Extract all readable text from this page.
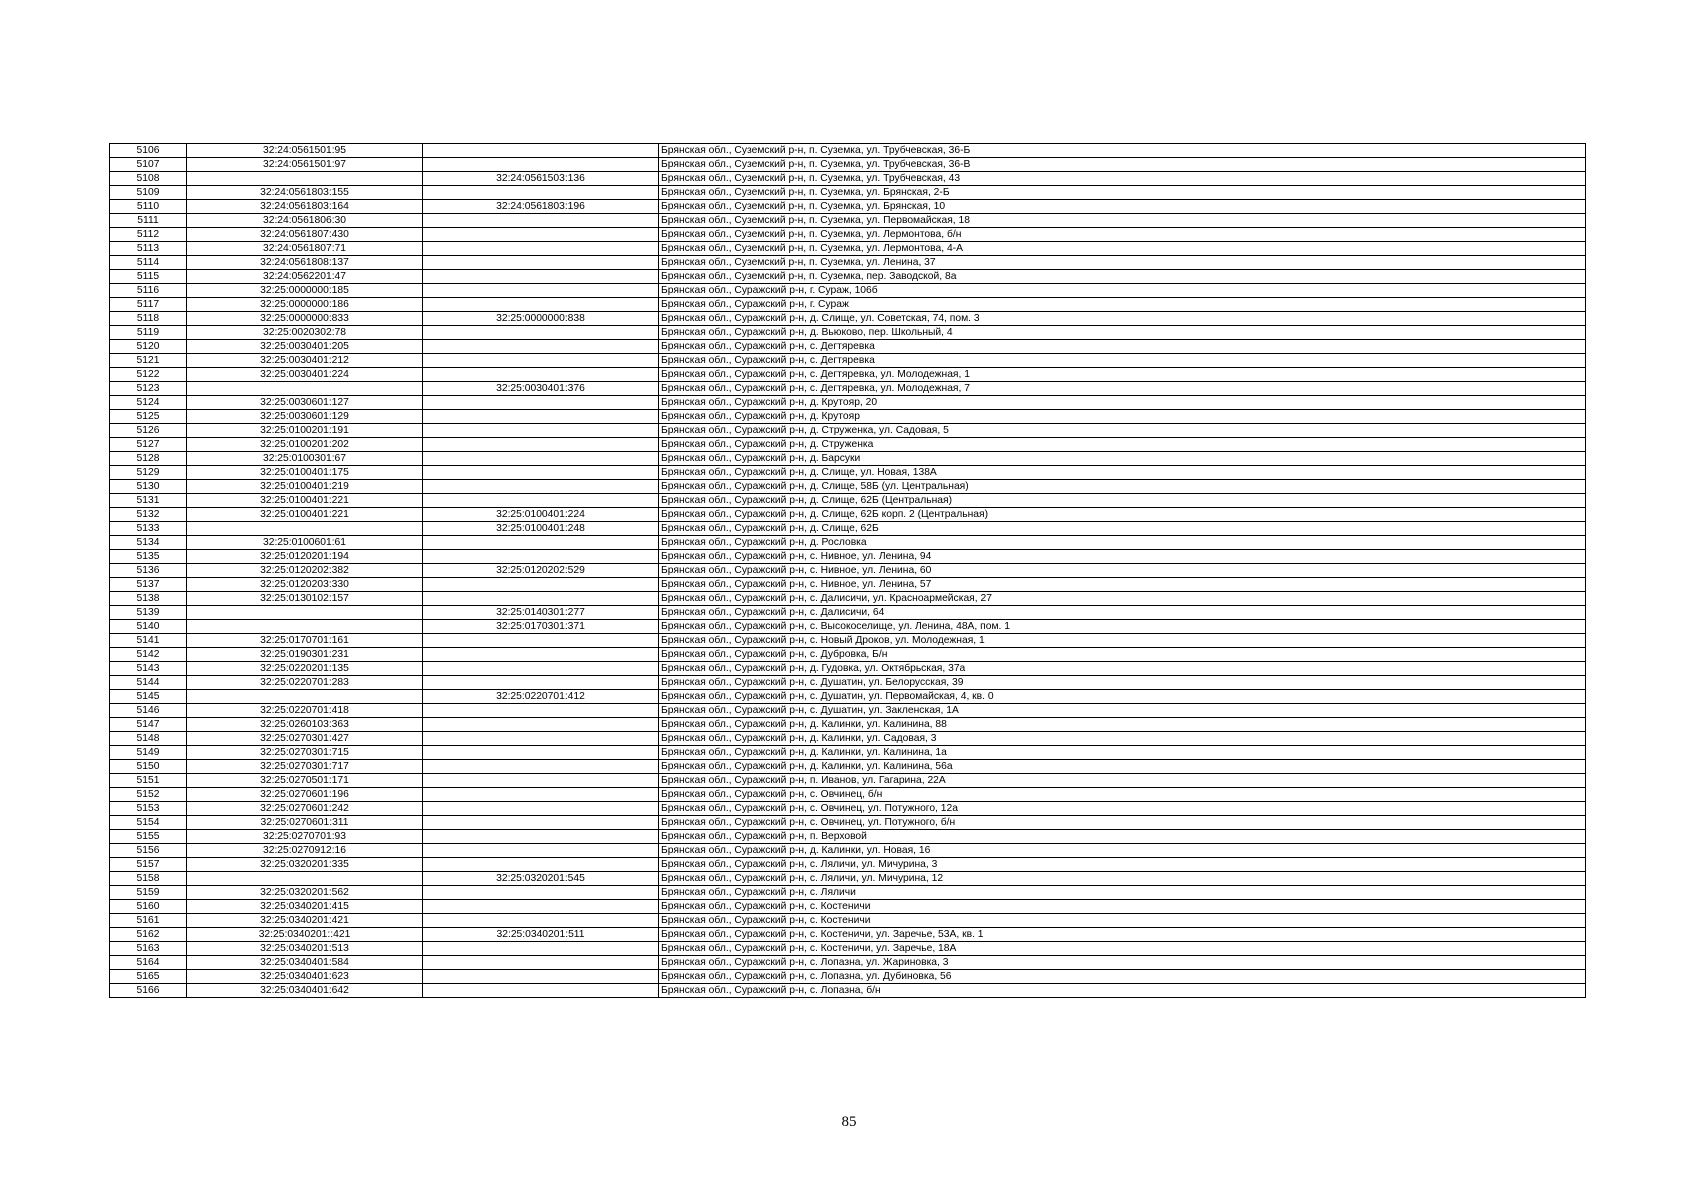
5106	32:24:0561501:95		Брянская обл., Суземский р-н, п. Суземка, ул. Трубчевская, 36-Б
5107	32:24:0561501:97		Брянская обл., Суземский р-н, п. Суземка, ул. Трубчевская, 36-В
5108		32:24:0561503:136	Брянская обл., Суземский р-н, п. Суземка, ул. Трубчевская, 43
5109	32:24:0561803:155		Брянская обл., Суземский р-н, п. Суземка, ул. Брянская, 2-Б
5110	32:24:0561803:164	32:24:0561803:196	Брянская обл., Суземский р-н, п. Суземка, ул. Брянская, 10
5111	32:24:0561806:30		Брянская обл., Суземский р-н, п. Суземка, ул. Первомайская, 18
5112	32:24:0561807:430		Брянская обл., Суземский р-н, п. Суземка, ул. Лермонтова, б/н
5113	32:24:0561807:71		Брянская обл., Суземский р-н, п. Суземка, ул. Лермонтова, 4-А
5114	32:24:0561808:137		Брянская обл., Суземский р-н, п. Суземка, ул. Ленина, 37
5115	32:24:0562201:47		Брянская обл., Суземский р-н, п. Суземка, пер. Заводской, 8а
5116	32:25:0000000:185		Брянская обл., Суражский р-н, г. Сураж, 106б
5117	32:25:0000000:186		Брянская обл., Суражский р-н, г. Сураж
5118	32:25:0000000:833	32:25:0000000:838	Брянская обл., Суражский р-н, д. Слище, ул. Советская, 74, пом. 3
5119	32:25:0020302:78		Брянская обл., Суражский р-н, д. Вьюково, пер. Школьный, 4
5120	32:25:0030401:205		Брянская обл., Суражский р-н, с. Дегтяревка
5121	32:25:0030401:212		Брянская обл., Суражский р-н, с. Дегтяревка
5122	32:25:0030401:224		Брянская обл., Суражский р-н, с. Дегтяревка, ул. Молодежная, 1
5123		32:25:0030401:376	Брянская обл., Суражский р-н, с. Дегтяревка, ул. Молодежная, 7
5124	32:25:0030601:127		Брянская обл., Суражский р-н, д. Крутояр, 20
5125	32:25:0030601:129		Брянская обл., Суражский р-н, д. Крутояр
5126	32:25:0100201:191		Брянская обл., Суражский р-н, д. Струженка, ул. Садовая, 5
5127	32:25:0100201:202		Брянская обл., Суражский р-н, д. Струженка
5128	32:25:0100301:67		Брянская обл., Суражский р-н, д. Барсуки
5129	32:25:0100401:175		Брянская обл., Суражский р-н, д. Слище, ул. Новая, 138А
5130	32:25:0100401:219		Брянская обл., Суражский р-н, д. Слище, 58Б (ул. Центральная)
5131	32:25:0100401:221		Брянская обл., Суражский р-н, д. Слище, 62Б (Центральная)
5132	32:25:0100401:221	32:25:0100401:224	Брянская обл., Суражский р-н, д. Слище, 62Б корп. 2 (Центральная)
5133		32:25:0100401:248	Брянская обл., Суражский р-н, д. Слище, 62Б
5134	32:25:0100601:61		Брянская обл., Суражский р-н, д. Рословка
5135	32:25:0120201:194		Брянская обл., Суражский р-н, с. Нивное, ул. Ленина, 94
5136	32:25:0120202:382	32:25:0120202:529	Брянская обл., Суражский р-н, с. Нивное, ул. Ленина, 60
5137	32:25:0120203:330		Брянская обл., Суражский р-н, с. Нивное, ул. Ленина, 57
5138	32:25:0130102:157		Брянская обл., Суражский р-н, с. Далисичи, ул. Красноармейская, 27
5139		32:25:0140301:277	Брянская обл., Суражский р-н, с. Далисичи, 64
5140		32:25:0170301:371	Брянская обл., Суражский р-н, с. Высокоселище, ул. Ленина, 48А, пом. 1
5141	32:25:0170701:161		Брянская обл., Суражский р-н, с. Новый Дроков, ул. Молодежная, 1
5142	32:25:0190301:231		Брянская обл., Суражский р-н, с. Дубровка, Б/н
5143	32:25:0220201:135		Брянская обл., Суражский р-н, д. Гудовка, ул. Октябрьская, 37а
5144	32:25:0220701:283		Брянская обл., Суражский р-н, с. Душатин, ул. Белорусская, 39
5145		32:25:0220701:412	Брянская обл., Суражский р-н, с. Душатин, ул. Первомайская, 4, кв. 0
5146	32:25:0220701:418		Брянская обл., Суражский р-н, с. Душатин, ул. Закленская, 1А
5147	32:25:0260103:363		Брянская обл., Суражский р-н, д. Калинки, ул. Калинина, 88
5148	32:25:0270301:427		Брянская обл., Суражский р-н, д. Калинки, ул. Садовая, 3
5149	32:25:0270301:715		Брянская обл., Суражский р-н, д. Калинки, ул. Калинина, 1а
5150	32:25:0270301:717		Брянская обл., Суражский р-н, д. Калинки, ул. Калинина, 56а
5151	32:25:0270501:171		Брянская обл., Суражский р-н, п. Иванов, ул. Гагарина, 22А
5152	32:25:0270601:196		Брянская обл., Суражский р-н, с. Овчинец, б/н
5153	32:25:0270601:242		Брянская обл., Суражский р-н, с. Овчинец, ул. Потужного, 12а
5154	32:25:0270601:311		Брянская обл., Суражский р-н, с. Овчинец, ул. Потужного, б/н
5155	32:25:0270701:93		Брянская обл., Суражский р-н, п. Верховой
5156	32:25:0270912:16		Брянская обл., Суражский р-н, д. Калинки, ул. Новая, 16
5157	32:25:0320201:335		Брянская обл., Суражский р-н, с. Ляличи, ул. Мичурина, 3
5158		32:25:0320201:545	Брянская обл., Суражский р-н, с. Ляличи, ул. Мичурина, 12
5159	32:25:0320201:562		Брянская обл., Суражский р-н, с. Ляличи
5160	32:25:0340201:415		Брянская обл., Суражский р-н, с. Костеничи
5161	32:25:0340201:421		Брянская обл., Суражский р-н, с. Костеничи
5162	32:25:0340201::421	32:25:0340201:511	Брянская обл., Суражский р-н, с. Костеничи, ул. Заречье, 53А, кв. 1
5163	32:25:0340201:513		Брянская обл., Суражский р-н, с. Костеничи, ул. Заречье, 18А
5164	32:25:0340401:584		Брянская обл., Суражский р-н, с. Лопазна, ул. Жариновка, 3
5165	32:25:0340401:623		Брянская обл., Суражский р-н, с. Лопазна, ул. Дубиновка, 56
5166	32:25:0340401:642		Брянская обл., Суражский р-н, с. Лопазна, б/н
85
